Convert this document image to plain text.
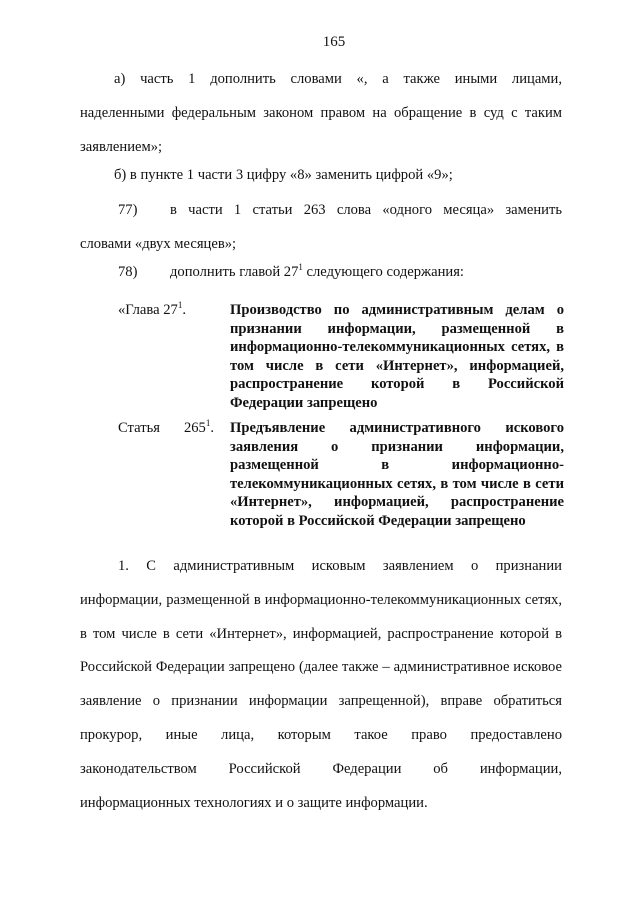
165
а) часть 1 дополнить словами «, а также иными лицами,
наделенными федеральным законом правом на обращение в суд с таким
заявлением»;
б) в пункте 1 части 3 цифру «8» заменить цифрой «9»;
77) в части 1 статьи 263 слова «одного месяца» заменить
словами «двух месяцев»;
78) дополнить главой $27^1$ следующего содержания:
«Глава $27^1$.	Производство по административным делам о признании информации, размещенной в информационно-телекоммуникационных сетях, в том числе в сети «Интернет», информацией, распространение которой в Российской Федерации запрещено
Статья $265^1$. Предъявление административного искового заявления о признании информации, размещенной в информационно-телекоммуникационных сетях, в том числе в сети «Интернет», информацией, распространение которой в Российской Федерации запрещено
1. С административным исковым заявлением о признании информации, размещенной в информационно-телекоммуникационных сетях, в том числе в сети «Интернет», информацией, распространение которой в Российской Федерации запрещено (далее также – административное исковое заявление о признании информации запрещенной), вправе обратиться прокурор, иные лица, которым такое право предоставлено законодательством Российской Федерации об информации, информационных технологиях и о защите информации.
